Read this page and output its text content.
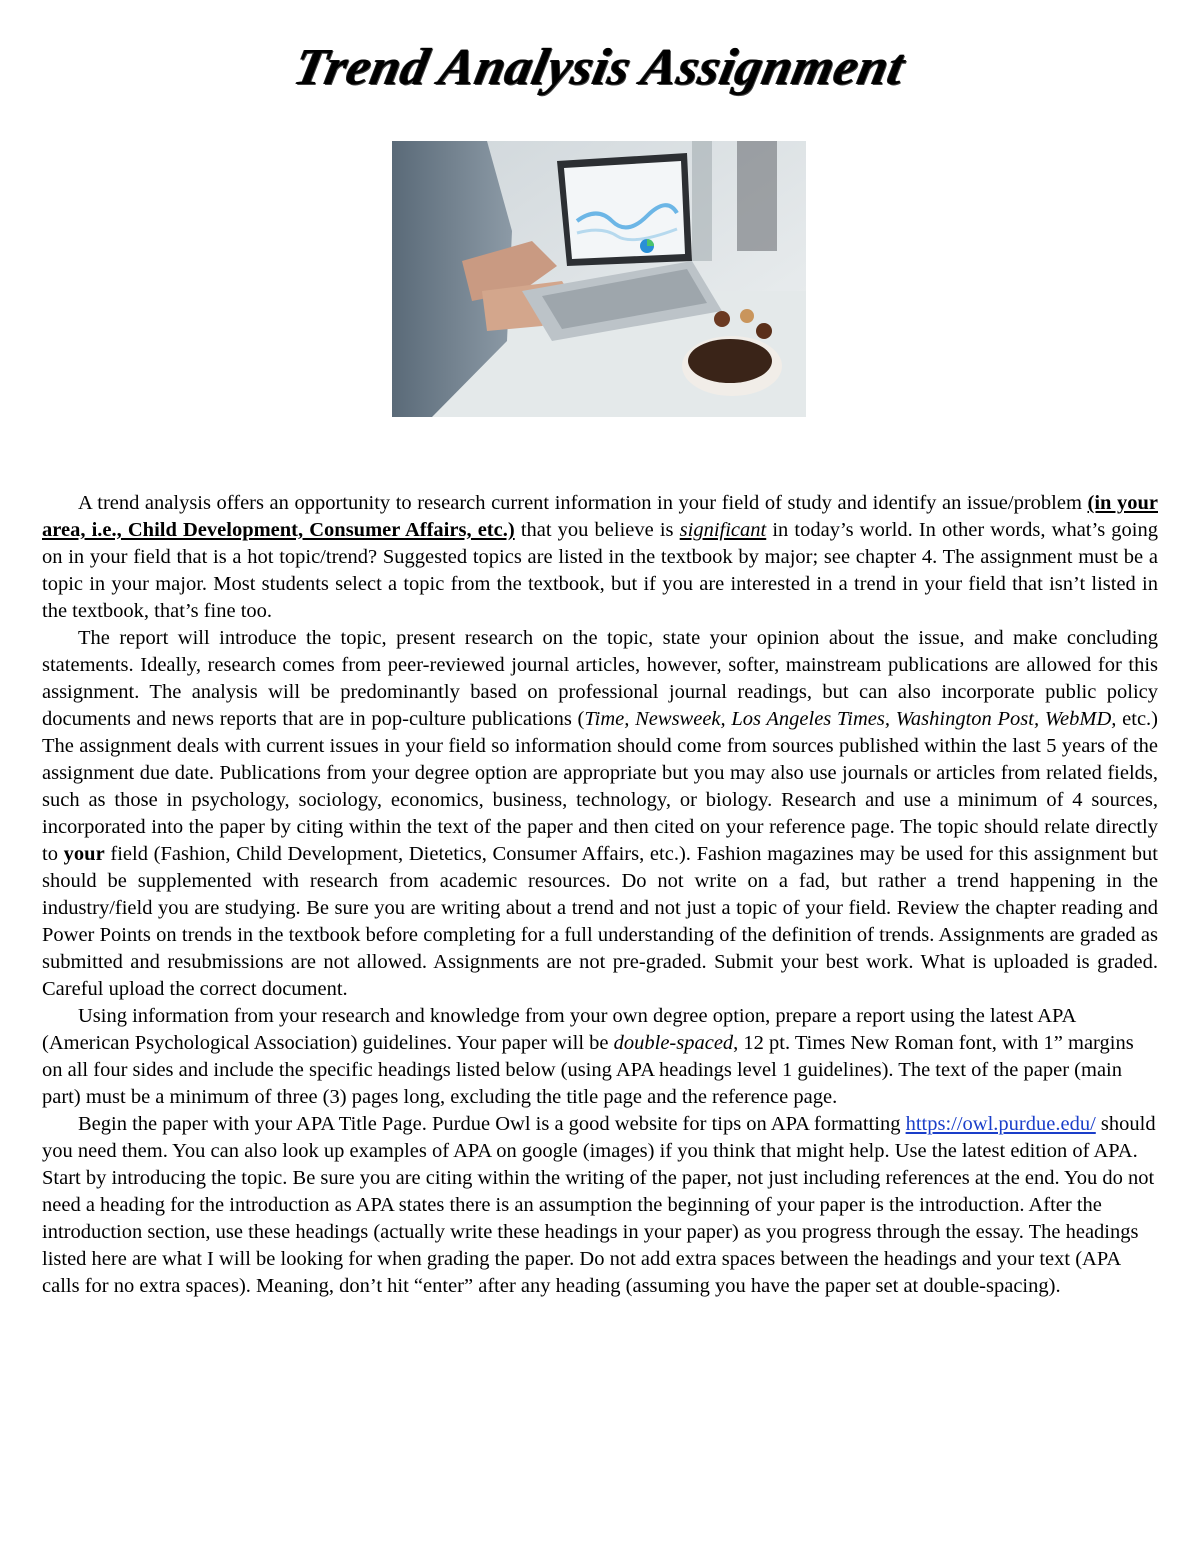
Trend Analysis Assignment

A trend analysis offers an opportunity to research current information in your field of study and identify an issue/problem (in your area, i.e., Child Development, Consumer Affairs, etc.) that you believe is significant in today’s world. In other words, what’s going on in your field that is a hot topic/trend? Suggested topics are listed in the textbook by major; see chapter 4. The assignment must be a topic in your major. Most students select a topic from the textbook, but if you are interested in a trend in your field that isn’t listed in the textbook, that’s fine too.

The report will introduce the topic, present research on the topic, state your opinion about the issue, and make concluding statements. Ideally, research comes from peer-reviewed journal articles, however, softer, mainstream publications are allowed for this assignment. The analysis will be predominantly based on professional journal readings, but can also incorporate public policy documents and news reports that are in pop-culture publications (Time, Newsweek, Los Angeles Times, Washington Post, WebMD, etc.) The assignment deals with current issues in your field so information should come from sources published within the last 5 years of the assignment due date. Publications from your degree option are appropriate but you may also use journals or articles from related fields, such as those in psychology, sociology, economics, business, technology, or biology. Research and use a minimum of 4 sources, incorporated into the paper by citing within the text of the paper and then cited on your reference page. The topic should relate directly to your field (Fashion, Child Development, Dietetics, Consumer Affairs, etc.). Fashion magazines may be used for this assignment but should be supplemented with research from academic resources. Do not write on a fad, but rather a trend happening in the industry/field you are studying. Be sure you are writing about a trend and not just a topic of your field. Review the chapter reading and Power Points on trends in the textbook before completing for a full understanding of the definition of trends. Assignments are graded as submitted and resubmissions are not allowed. Assignments are not pre-graded. Submit your best work. What is uploaded is graded. Careful upload the correct document.

Using information from your research and knowledge from your own degree option, prepare a report using the latest APA (American Psychological Association) guidelines. Your paper will be double-spaced, 12 pt. Times New Roman font, with 1” margins on all four sides and include the specific headings listed below (using APA headings level 1 guidelines). The text of the paper (main part) must be a minimum of three (3) pages long, excluding the title page and the reference page.

Begin the paper with your APA Title Page. Purdue Owl is a good website for tips on APA formatting https://owl.purdue.edu/ should you need them. You can also look up examples of APA on google (images) if you think that might help. Use the latest edition of APA. Start by introducing the topic. Be sure you are citing within the writing of the paper, not just including references at the end. You do not need a heading for the introduction as APA states there is an assumption the beginning of your paper is the introduction. After the introduction section, use these headings (actually write these headings in your paper) as you progress through the essay. The headings listed here are what I will be looking for when grading the paper. Do not add extra spaces between the headings and your text (APA calls for no extra spaces). Meaning, don’t hit “enter” after any heading (assuming you have the paper set at double-spacing).
